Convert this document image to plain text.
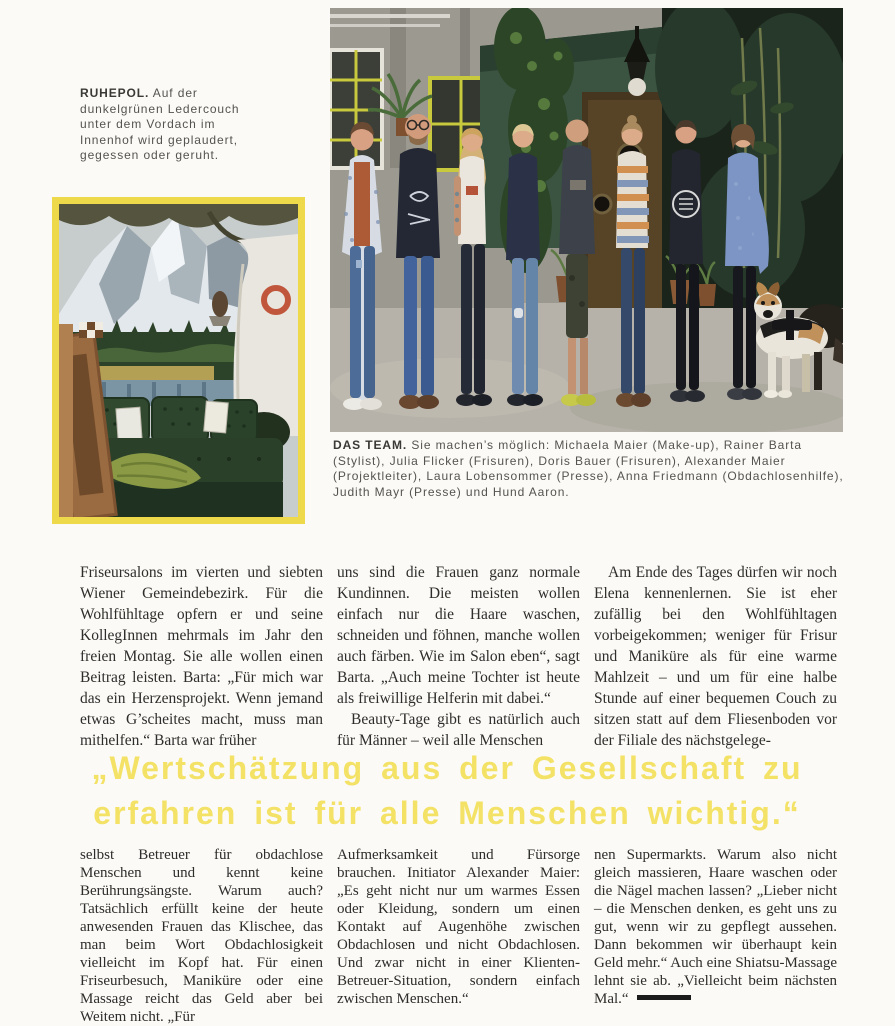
RUHEPOL. Auf der dunkelgrünen Ledercouch unter dem Vordach im Innenhof wird geplaudert, gegessen oder geruht.

DAS TEAM. Sie machen’s möglich: Michaela Maier (Make-up), Rainer Barta (Stylist), Julia Flicker (Frisuren), Doris Bauer (Frisuren), Alexander Maier (Projektleiter), Laura Lobensommer (Presse), Anna Friedmann (Obdachlosenhilfe), Judith Mayr (Presse) und Hund Aaron.

Friseursalons im vierten und siebten Wiener Gemeindebezirk. Für die Wohlfühltage opfern er und seine KollegInnen mehrmals im Jahr den freien Montag. Sie alle wollen einen Beitrag leisten. Barta: „Für mich war das ein Herzensprojekt. Wenn jemand etwas G’scheites macht, muss man mithelfen.“ Barta war früher

uns sind die Frauen ganz normale Kundinnen. Die meisten wollen einfach nur die Haare waschen, schneiden und föhnen, manche wollen auch färben. Wie im Salon eben“, sagt Barta. „Auch meine Tochter ist heute als freiwillige Helferin mit dabei.“

Beauty-Tage gibt es natürlich auch für Männer – weil alle Menschen

Am Ende des Tages dürfen wir noch Elena kennenlernen. Sie ist eher zufällig bei den Wohlfühltagen vorbeigekommen; weniger für Frisur und Maniküre als für eine warme Mahlzeit – und um für eine halbe Stunde auf einer bequemen Couch zu sitzen statt auf dem Fliesenboden vor der Filiale des nächstgelege-

„Wertschätzung aus der Gesellschaft zu erfahren ist für alle Menschen wichtig.“

selbst Betreuer für obdachlose Menschen und kennt keine Berührungsängste. Warum auch? Tatsächlich erfüllt keine der heute anwesenden Frauen das Klischee, das man beim Wort Obdachlosigkeit vielleicht im Kopf hat. Für einen Friseurbesuch, Maniküre oder eine Massage reicht das Geld aber bei Weitem nicht. „Für

Aufmerksamkeit und Fürsorge brauchen. Initiator Alexander Maier: „Es geht nicht nur um warmes Essen oder Kleidung, sondern um einen Kontakt auf Augenhöhe zwischen Obdachlosen und nicht Obdachlosen. Und zwar nicht in einer Klienten-Betreuer-Situation, sondern einfach zwischen Menschen.“

nen Supermarkts. Warum also nicht gleich massieren, Haare waschen oder die Nägel machen lassen? „Lieber nicht – die Menschen denken, es geht uns zu gut, wenn wir zu gepflegt aussehen. Dann bekommen wir überhaupt kein Geld mehr.“ Auch eine Shiatsu-Massage lehnt sie ab. „Vielleicht beim nächsten Mal.“
